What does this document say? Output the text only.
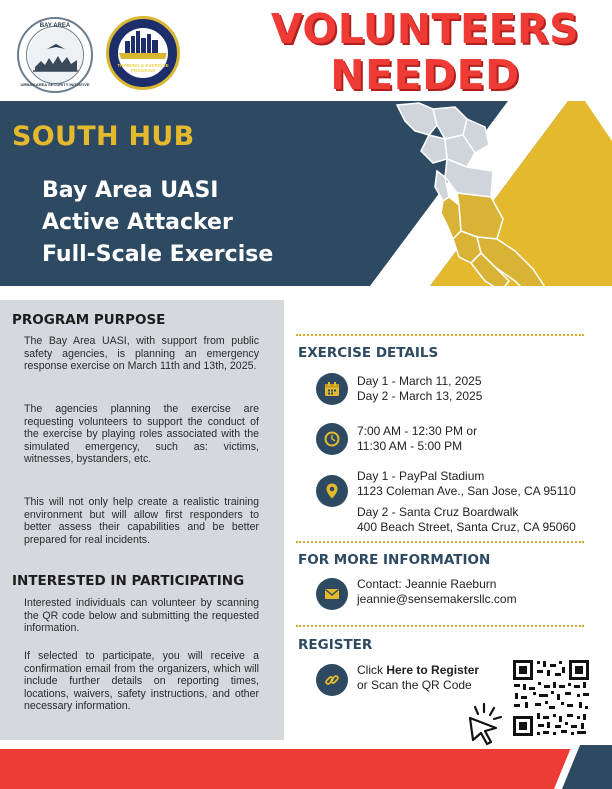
BAY AREA
URBAN AREA SECURITY INITIATIVE
TRAINING & EXERCISE PROGRAM
VOLUNTEERS
NEEDED
SOUTH HUB
Bay Area UASI
Active Attacker
Full-Scale Exercise
PROGRAM PURPOSE
The Bay Area UASI, with support from public safety agencies, is planning an emergency response exercise on March 11th and 13th, 2025.
The agencies planning the exercise are requesting volunteers to support the conduct of the exercise by playing roles associated with the simulated emergency, such as: victims, witnesses, bystanders, etc.
This will not only help create a realistic training environment but will allow first responders to better assess their capabilities and be better prepared for real incidents.
INTERESTED IN PARTICIPATING
Interested individuals can volunteer by scanning the QR code below and submitting the requested information.
If selected to participate, you will receive a confirmation email from the organizers, which will include further details on reporting times, locations, waivers, safety instructions, and other necessary information.
EXERCISE DETAILS
Day 1 - March 11, 2025
Day 2 - March 13, 2025
7:00 AM - 12:30 PM or
11:30 AM - 5:00 PM
Day 1 - PayPal Stadium
1123 Coleman Ave., San Jose, CA 95110
Day 2 - Santa Cruz Boardwalk
400 Beach Street, Santa Cruz, CA 95060
FOR MORE INFORMATION
Contact: Jeannie Raeburn
jeannie@sensemakersllc.com
REGISTER
Click Here to Register
or Scan the QR Code
